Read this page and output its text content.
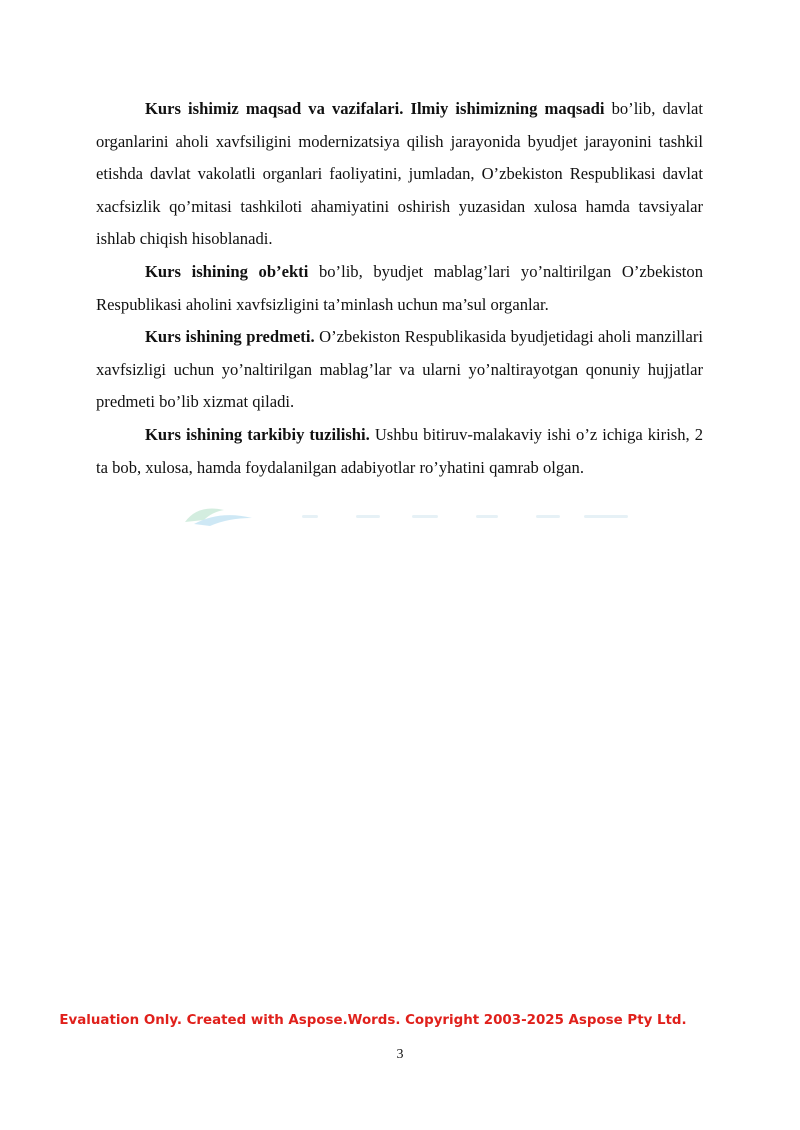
Kurs ishimiz maqsad va vazifalari. Ilmiy ishimizning maqsadi bo’lib, davlat organlarini aholi xavfsiligini modernizatsiya qilish jarayonida byudjet jarayonini tashkil etishda davlat vakolatli organlari faoliyatini, jumladan, O’zbekiston Respublikasi davlat xacfsizlik qo’mitasi tashkiloti ahamiyatini oshirish yuzasidan xulosa hamda tavsiyalar ishlab chiqish hisoblanadi.

Kurs ishining ob’ekti bo’lib, byudjet mablag’lari yo’naltirilgan O’zbekiston Respublikasi aholini xavfsizligini ta’minlash uchun ma’sul organlar.

Kurs ishining predmeti. O’zbekiston Respublikasida byudjetidagi aholi manzillari xavfsizligi uchun yo’naltirilgan mablag’lar va ularni yo’naltirayotgan qonuniy hujjatlar predmeti bo’lib xizmat qiladi.

Kurs ishining tarkibiy tuzilishi. Ushbu bitiruv-malakaviy ishi o’z ichiga kirish, 2 ta bob, xulosa, hamda foydalanilgan adabiyotlar ro’yhatini qamrab olgan.

Evaluation Only. Created with Aspose.Words. Copyright 2003-2025 Aspose Pty Ltd.
3
